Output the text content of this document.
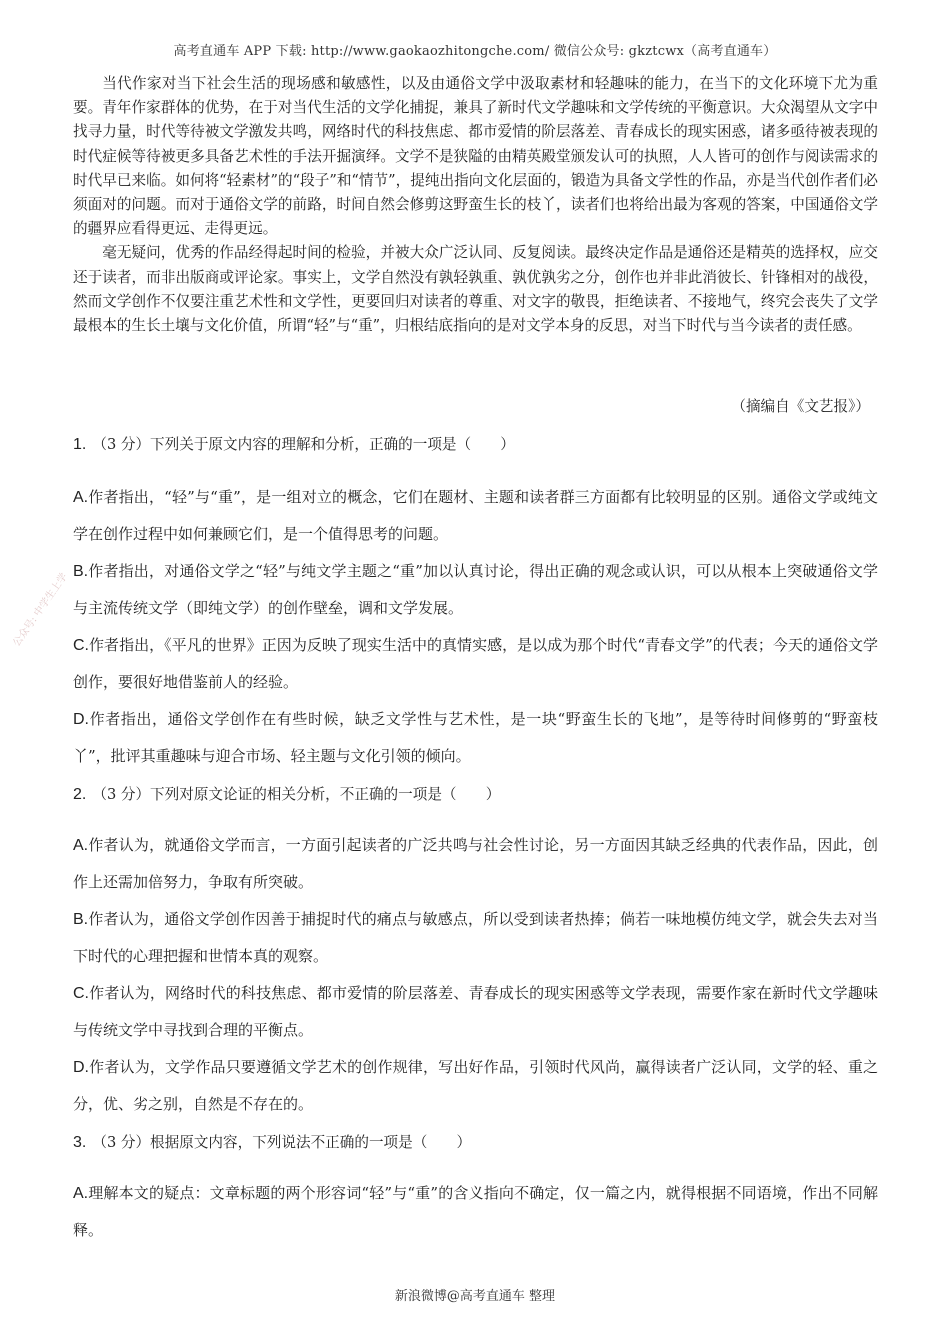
高考直通车 APP 下载: http://www.gaokaozhitongche.com/ 微信公众号: gkztcwx（高考直通车）
公众号: 中学生上学

当代作家对当下社会生活的现场感和敏感性，以及由通俗文学中汲取素材和轻趣味的能力，在当下的文化环境下尤为重要。青年作家群体的优势，在于对当代生活的文学化捕捉，兼具了新时代文学趣味和文学传统的平衡意识。大众渴望从文字中找寻力量，时代等待被文学激发共鸣，网络时代的科技焦虑、都市爱情的阶层落差、青春成长的现实困惑，诸多亟待被表现的时代症候等待被更多具备艺术性的手法开掘演绎。文学不是狭隘的由精英殿堂颁发认可的执照，人人皆可的创作与阅读需求的时代早已来临。如何将“轻素材”的“段子”和“情节”，提纯出指向文化层面的，锻造为具备文学性的作品，亦是当代创作者们必须面对的问题。而对于通俗文学的前路，时间自然会修剪这野蛮生长的枝丫，读者们也将给出最为客观的答案，中国通俗文学的疆界应看得更远、走得更远。

毫无疑问，优秀的作品经得起时间的检验，并被大众广泛认同、反复阅读。最终决定作品是通俗还是精英的选择权，应交还于读者，而非出版商或评论家。事实上，文学自然没有孰轻孰重、孰优孰劣之分，创作也并非此消彼长、针锋相对的战役，然而文学创作不仅要注重艺术性和文学性，更要回归对读者的尊重、对文字的敬畏，拒绝读者、不接地气，终究会丧失了文学最根本的生长土壤与文化价值，所谓“轻”与“重”，归根结底指向的是对文学本身的反思，对当下时代与当今读者的责任感。

（摘编自《文艺报》）
1. （3 分）下列关于原文内容的理解和分析，正确的一项是（　　）
A.作者指出，“轻”与“重”，是一组对立的概念，它们在题材、主题和读者群三方面都有比较明显的区别。通俗文学或纯文学在创作过程中如何兼顾它们，是一个值得思考的问题。
B.作者指出，对通俗文学之“轻”与纯文学主题之“重”加以认真讨论，得出正确的观念或认识，可以从根本上突破通俗文学与主流传统文学（即纯文学）的创作壁垒，调和文学发展。
C.作者指出，《平凡的世界》正因为反映了现实生活中的真情实感，是以成为那个时代“青春文学”的代表；今天的通俗文学创作，要很好地借鉴前人的经验。
D.作者指出，通俗文学创作在有些时候，缺乏文学性与艺术性，是一块“野蛮生长的飞地”，是等待时间修剪的“野蛮枝丫”，批评其重趣味与迎合市场、轻主题与文化引领的倾向。
2. （3 分）下列对原文论证的相关分析，不正确的一项是（　　）
A.作者认为，就通俗文学而言，一方面引起读者的广泛共鸣与社会性讨论，另一方面因其缺乏经典的代表作品，因此，创作上还需加倍努力，争取有所突破。
B.作者认为，通俗文学创作因善于捕捉时代的痛点与敏感点，所以受到读者热捧；倘若一味地模仿纯文学，就会失去对当下时代的心理把握和世情本真的观察。
C.作者认为，网络时代的科技焦虑、都市爱情的阶层落差、青春成长的现实困惑等文学表现，需要作家在新时代文学趣味与传统文学中寻找到合理的平衡点。
D.作者认为，文学作品只要遵循文学艺术的创作规律，写出好作品，引领时代风尚，赢得读者广泛认同，文学的轻、重之分，优、劣之别，自然是不存在的。
3. （3 分）根据原文内容，下列说法不正确的一项是（　　）
A.理解本文的疑点：文章标题的两个形容词“轻”与“重”的含义指向不确定，仅一篇之内，就得根据不同语境，作出不同解释。
新浪微博@高考直通车 整理
